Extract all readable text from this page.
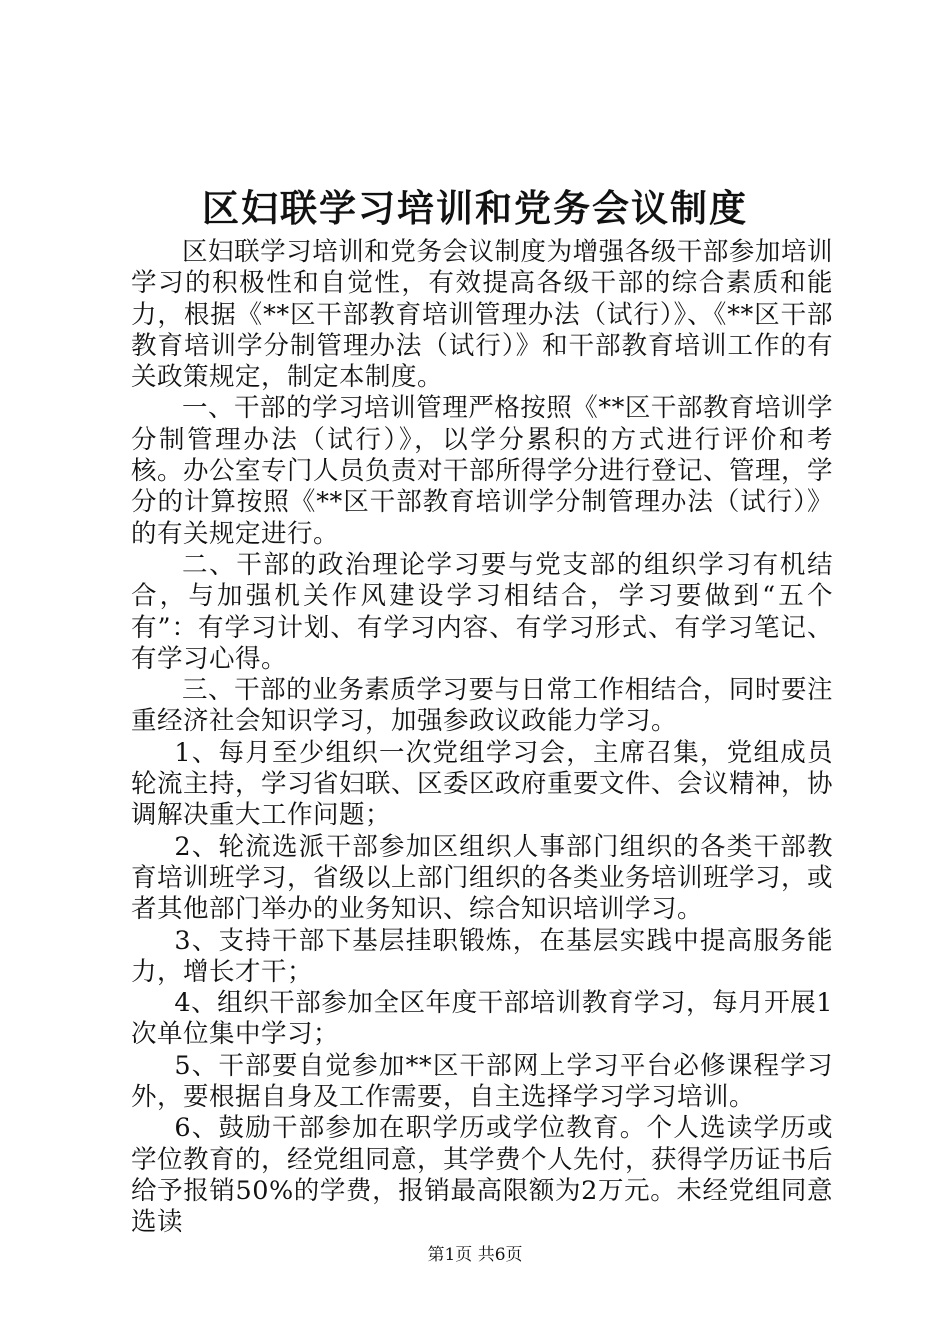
区妇联学习培训和党务会议制度

区妇联学习培训和党务会议制度为增强各级干部参加培训学习的积极性和自觉性，有效提高各级干部的综合素质和能力，根据《**区干部教育培训管理办法（试行）》、《**区干部教育培训学分制管理办法（试行）》和干部教育培训工作的有关政策规定，制定本制度。

一、干部的学习培训管理严格按照《**区干部教育培训学分制管理办法（试行）》，以学分累积的方式进行评价和考核。办公室专门人员负责对干部所得学分进行登记、管理，学分的计算按照《**区干部教育培训学分制管理办法（试行）》的有关规定进行。

二、干部的政治理论学习要与党支部的组织学习有机结合，与加强机关作风建设学习相结合，学习要做到“五个有”：有学习计划、有学习内容、有学习形式、有学习笔记、有学习心得。

三、干部的业务素质学习要与日常工作相结合，同时要注重经济社会知识学习，加强参政议政能力学习。

1、每月至少组织一次党组学习会，主席召集，党组成员轮流主持，学习省妇联、区委区政府重要文件、会议精神，协调解决重大工作问题；

2、轮流选派干部参加区组织人事部门组织的各类干部教育培训班学习，省级以上部门组织的各类业务培训班学习，或者其他部门举办的业务知识、综合知识培训学习。

3、支持干部下基层挂职锻炼，在基层实践中提高服务能力，增长才干；

4、组织干部参加全区年度干部培训教育学习，每月开展1次单位集中学习；

5、干部要自觉参加**区干部网上学习平台必修课程学习外，要根据自身及工作需要，自主选择学习学习培训。

6、鼓励干部参加在职学历或学位教育。个人选读学历或学位教育的，经党组同意，其学费个人先付，获得学历证书后给予报销50%的学费，报销最高限额为2万元。未经党组同意选读

第1页 共6页
